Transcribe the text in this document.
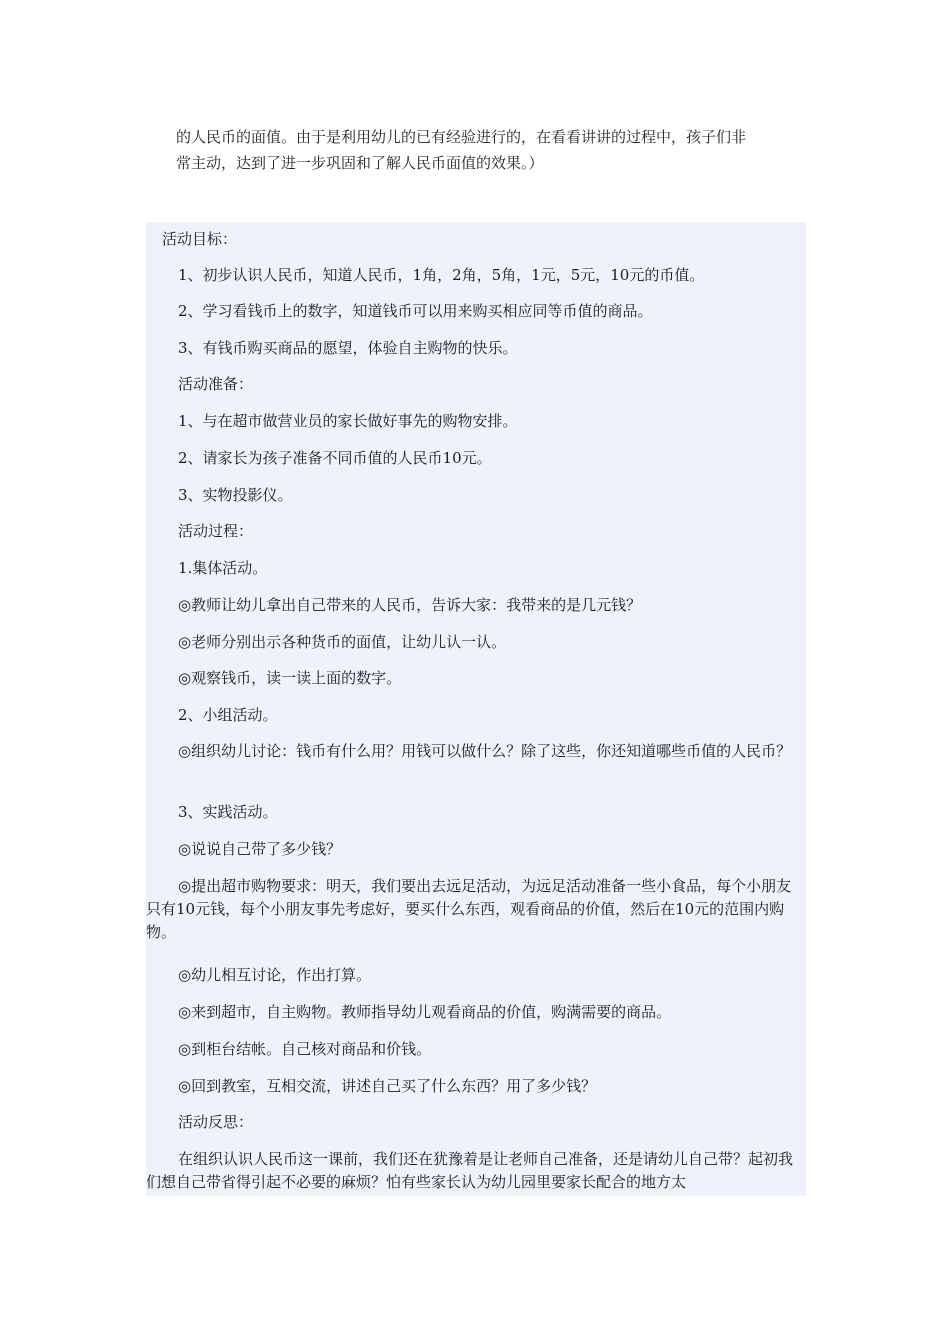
的人民币的面值。由于是利用幼儿的已有经验进行的，在看看讲讲的过程中，孩子们非

常主动，达到了进一步巩固和了解人民币面值的效果。）

活动目标：

1、初步认识人民币，知道人民币，1角，2角，5角，1元，5元，10元的币值。

2、学习看钱币上的数字，知道钱币可以用来购买相应同等币值的商品。

3、有钱币购买商品的愿望，体验自主购物的快乐。

活动准备：

1、与在超市做营业员的家长做好事先的购物安排。

2、请家长为孩子准备不同币值的人民币10元。

3、实物投影仪。

活动过程：

1.集体活动。

◎教师让幼儿拿出自己带来的人民币，告诉大家：我带来的是几元钱？

◎老师分别出示各种货币的面值，让幼儿认一认。

◎观察钱币，读一读上面的数字。

2、小组活动。

◎组织幼儿讨论：钱币有什么用？用钱可以做什么？除了这些，你还知道哪些币值的人民币？

3、实践活动。

◎说说自己带了多少钱？

◎提出超市购物要求：明天，我们要出去远足活动，为远足活动准备一些小食品，每个小朋友只有10元钱，每个小朋友事先考虑好，要买什么东西，观看商品的价值，然后在10元的范围内购物。

◎幼儿相互讨论，作出打算。

◎来到超市，自主购物。教师指导幼儿观看商品的价值，购满需要的商品。

◎到柜台结帐。自己核对商品和价钱。

◎回到教室，互相交流，讲述自己买了什么东西？用了多少钱？

活动反思：

在组织认识人民币这一课前，我们还在犹豫着是让老师自己准备，还是请幼儿自己带？起初我们想自己带省得引起不必要的麻烦？怕有些家长认为幼儿园里要家长配合的地方太
